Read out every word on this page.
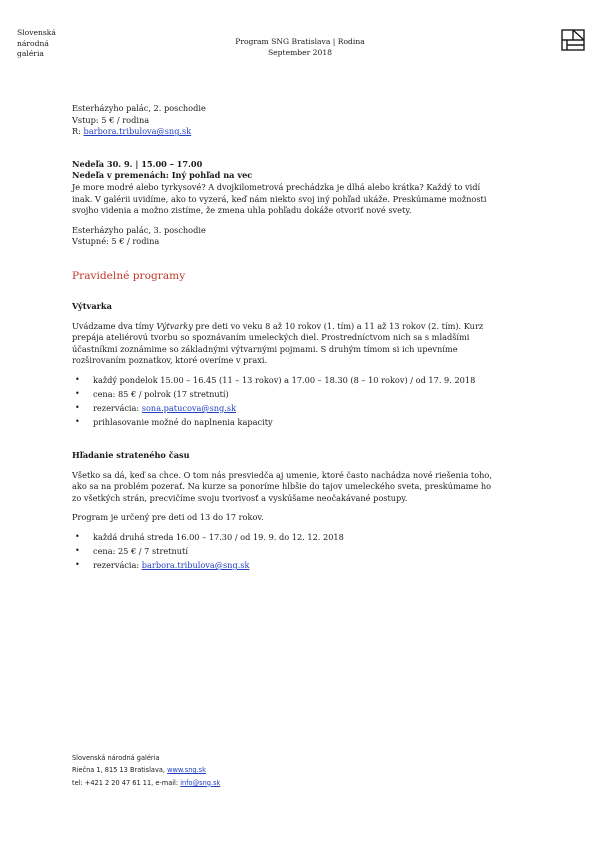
Slovenská
národná
galéria
Program SNG Bratislava | Rodina
September 2018

Esterházyho palác, 2. poschodie

Vstup: 5 € / rodina

R: barbora.tribulova@sng.sk

Nedeľa 30. 9. | 15.00 – 17.00

Nedeľa v premenách: Iný pohľad na vec

Je more modré alebo tyrkysové? A dvojkilometrová prechádzka je dlhá alebo krátka? Každý to vidí

inak. V galérii uvidíme, ako to vyzerá, keď nám niekto svoj iný pohľad ukáže. Preskúmame možnosti

svojho videnia a možno zistíme, že zmena uhla pohľadu dokáže otvoriť nové svety.

Esterházyho palác, 3. poschodie

Vstupné: 5 € / rodina

Pravidelné programy

Výtvarka

Uvádzame dva tímy Výtvarky pre deti vo veku 8 až 10 rokov (1. tím) a 11 až 13 rokov (2. tím). Kurz

prepája ateliérovú tvorbu so spoznávaním umeleckých diel. Prostredníctvom nich sa s mladšími

účastníkmi zoznámime so základnými výtvarnými pojmami. S druhým tímom si ich upevníme

rozširovaním poznatkov, ktoré overíme v praxi.

• každý pondelok 15.00 – 16.45 (11 – 13 rokov) a 17.00 – 18.30 (8 – 10 rokov) / od 17. 9. 2018
• cena: 85 € / polrok (17 stretnutí)
• rezervácia: sona.patucova@sng.sk
• prihlasovanie možné do naplnenia kapacity

Hľadanie strateného času

Všetko sa dá, keď sa chce. O tom nás presviedča aj umenie, ktoré často nachádza nové riešenia toho,

ako sa na problém pozerať. Na kurze sa ponoríme hlbšie do tajov umeleckého sveta, preskúmame ho

zo všetkých strán, precvičíme svoju tvorivosť a vyskúšame neočakávané postupy.

Program je určený pre deti od 13 do 17 rokov.

• každá druhá streda 16.00 – 17.30 / od 19. 9. do 12. 12. 2018
• cena: 25 € / 7 stretnutí
• rezervácia: barbora.tribulova@sng.sk
Slovenská národná galéria
Riečna 1, 815 13 Bratislava, www.sng.sk
tel: +421 2 20 47 61 11, e-mail: info@sng.sk
